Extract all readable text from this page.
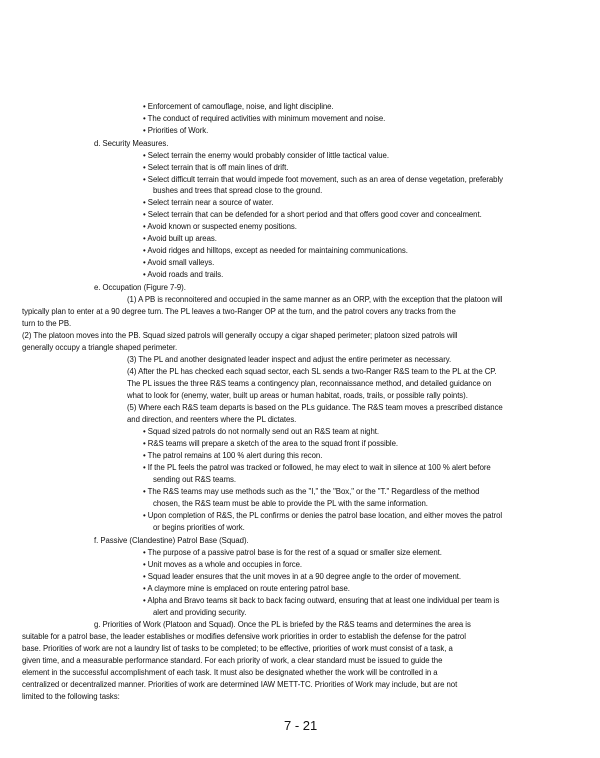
• Enforcement of camouflage, noise, and light discipline.
• The conduct of required activities with minimum movement and noise.
• Priorities of Work.
d. Security Measures.
• Select terrain the enemy would probably consider of little tactical value.
• Select terrain that is off main lines of drift.
• Select difficult terrain that would impede foot movement, such as an area of dense vegetation, preferably
bushes and trees that spread close to the ground.
• Select terrain near a source of water.
• Select terrain that can be defended for a short period and that offers good cover and concealment.
• Avoid known or suspected enemy positions.
• Avoid built up areas.
• Avoid ridges and hilltops, except as needed for maintaining communications.
• Avoid small valleys.
• Avoid roads and trails.
e. Occupation (Figure 7-9).
(1) A PB is reconnoitered and occupied in the same manner as an ORP, with the exception that the platoon will
typically plan to enter at a 90 degree turn. The PL leaves a two-Ranger OP at the turn, and the patrol covers any tracks from the
turn to the PB.
(2) The platoon moves into the PB. Squad sized patrols will generally occupy a cigar shaped perimeter; platoon sized patrols will
generally occupy a triangle shaped perimeter.
(3) The PL and another designated leader inspect and adjust the entire perimeter as necessary.
(4) After the PL has checked each squad sector, each SL sends a two-Ranger R&S team to the PL at the CP.
The PL issues the three R&S teams a contingency plan, reconnaissance method, and detailed guidance on
what to look for (enemy, water, built up areas or human habitat, roads, trails, or possible rally points).
(5) Where each R&S team departs is based on the PLs guidance. The R&S team moves a prescribed distance
and direction, and reenters where the PL dictates.
• Squad sized patrols do not normally send out an R&S team at night.
• R&S teams will prepare a sketch of the area to the squad front if possible.
• The patrol remains at 100 % alert during this recon.
• If the PL feels the patrol was tracked or followed, he may elect to wait in silence at 100 % alert before
sending out R&S teams.
• The R&S teams may use methods such as the "I," the "Box," or the "T." Regardless of the method
chosen, the R&S team must be able to provide the PL with the same information.
• Upon completion of R&S, the PL confirms or denies the patrol base location, and either moves the patrol
or begins priorities of work.
f. Passive (Clandestine) Patrol Base (Squad).
• The purpose of a passive patrol base is for the rest of a squad or smaller size element.
• Unit moves as a whole and occupies in force.
• Squad leader ensures that the unit moves in at a 90 degree angle to the order of movement.
• A claymore mine is emplaced on route entering patrol base.
• Alpha and Bravo teams sit back to back facing outward, ensuring that at least one individual per team is
alert and providing security.
g. Priorities of Work (Platoon and Squad). Once the PL is briefed by the R&S teams and determines the area is
suitable for a patrol base, the leader establishes or modifies defensive work priorities in order to establish the defense for the patrol
base. Priorities of work are not a laundry list of tasks to be completed; to be effective, priorities of work must consist of a task, a
given time, and a measurable performance standard. For each priority of work, a clear standard must be issued to guide the
element in the successful accomplishment of each task. It must also be designated whether the work will be controlled in a
centralized or decentralized manner. Priorities of work are determined IAW METT-TC. Priorities of Work may include, but are not
limited to the following tasks:
7 - 21
